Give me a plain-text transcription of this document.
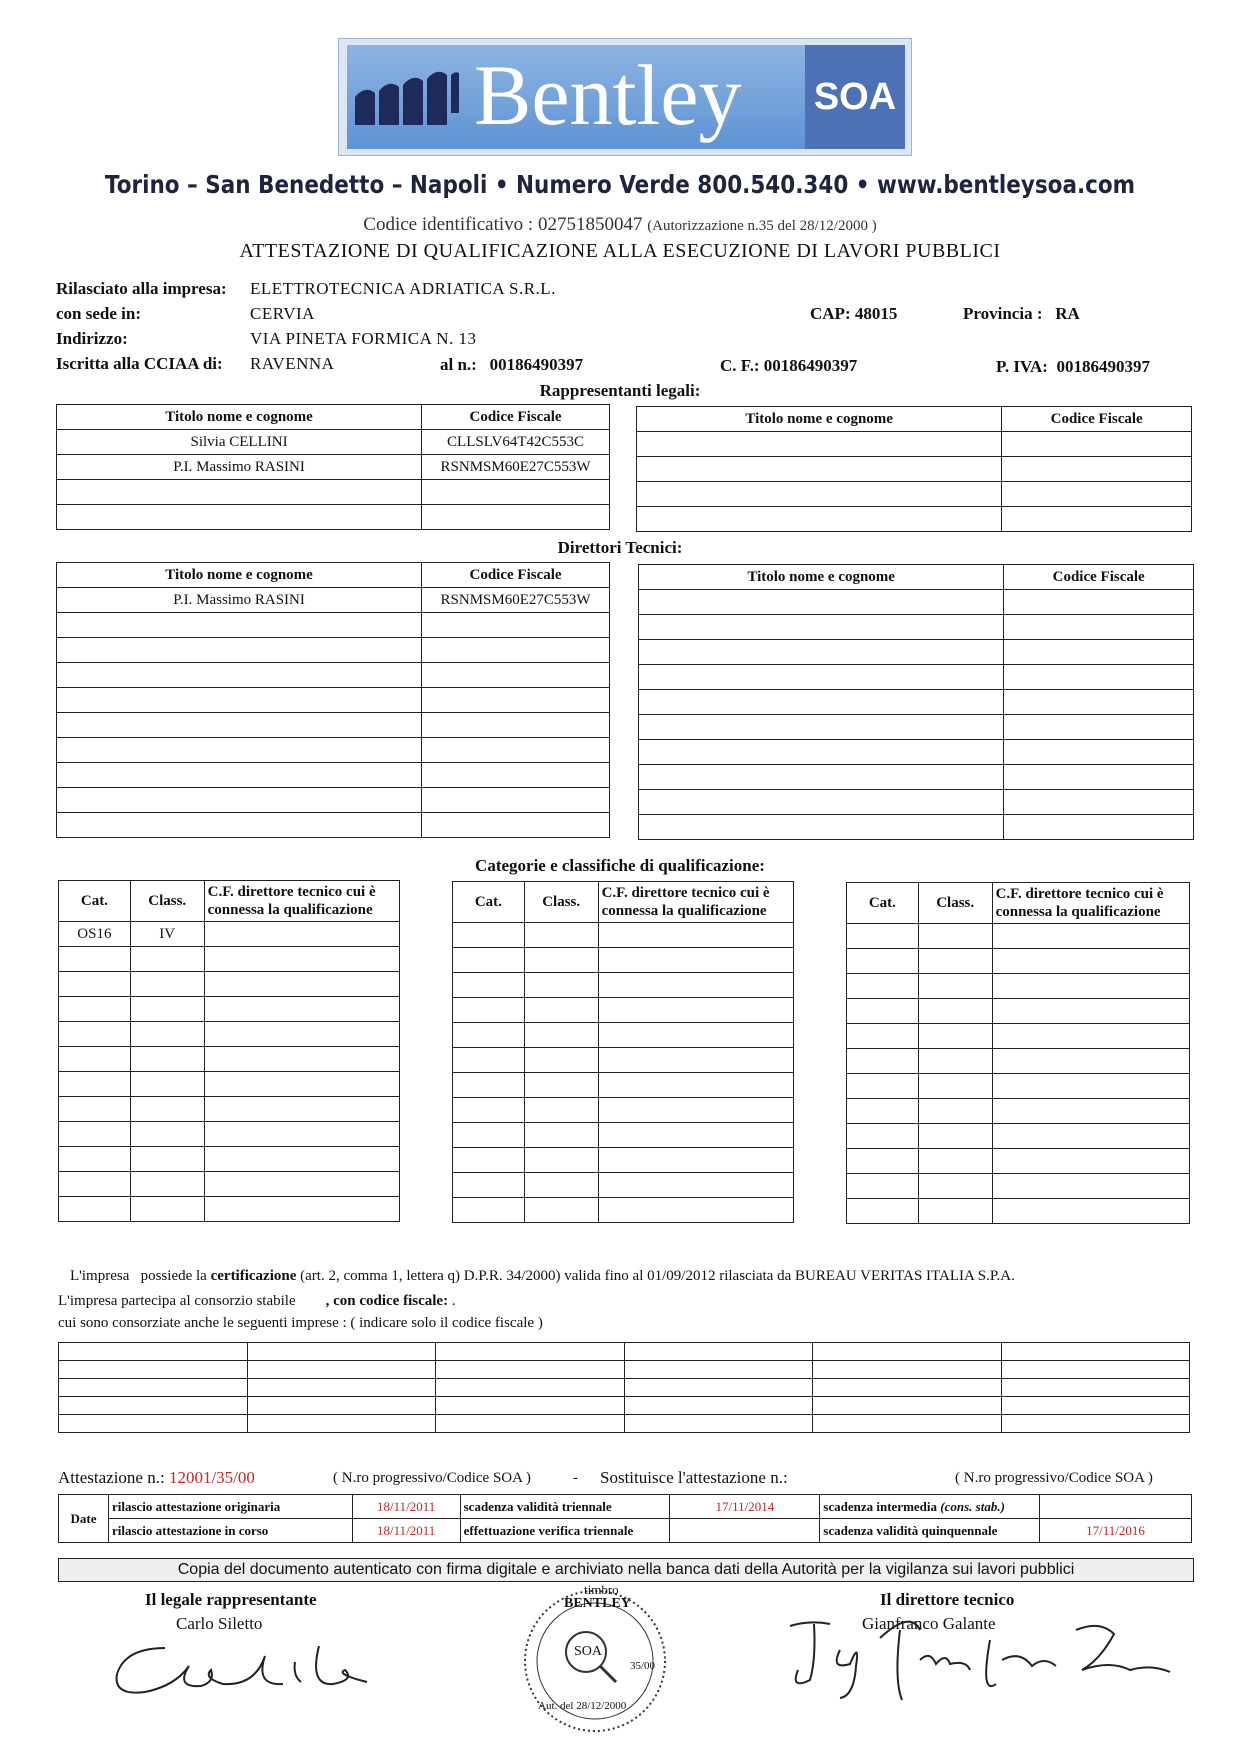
Bentley SOA
Torino – San Benedetto – Napoli • Numero Verde 800.540.340 • www.bentleysoa.com
Codice identificativo : 02751850047 (Autorizzazione n.35 del 28/12/2000 )
ATTESTAZIONE DI QUALIFICAZIONE ALLA ESECUZIONE DI LAVORI PUBBLICI
Rilasciato alla impresa: ELETTROTECNICA ADRIATICA S.R.L.
con sede in:	CERVIA	CAP: 48015	Provincia : RA
Indirizzo:	VIA PINETA FORMICA N. 13
Iscritta alla CCIAA di: RAVENNA	al n.: 00186490397	C. F.: 00186490397	P. IVA: 00186490397
Rappresentanti legali:
Titolo nome e cognome	Codice Fiscale
Silvia CELLINI	CLLSLV64T42C553C
P.I. Massimo RASINI	RSNMSM60E27C553W

Titolo nome e cognome	Codice Fiscale

Direttori Tecnici:
Titolo nome e cognome	Codice Fiscale
P.I. Massimo RASINI	RSNMSM60E27C553W

Titolo nome e cognome	Codice Fiscale

Categorie e classifiche di qualificazione:
Cat.	Class.	C.F. direttore tecnico cui è connessa la qualificazione
OS16	IV	

Cat.	Class.	C.F. direttore tecnico cui è connessa la qualificazione

			Cat.	Class.	C.F. direttore tecnico cui è connessa la qualificazione

L'impresa   possiede la certificazione (art. 2, comma 1, lettera q) D.P.R. 34/2000) valida fino al 01/09/2012 rilasciata da BUREAU VERITAS ITALIA S.P.A.
L'impresa partecipa al consorzio stabile , con codice fiscale: .
cui sono consorziate anche le seguenti imprese : ( indicare solo il codice fiscale )

Attestazione n.: 12001/35/00	( N.ro progressivo/Codice SOA )	- Sostituisce l'attestazione n.:	( N.ro progressivo/Codice SOA )
Date	rilascio attestazione originaria	18/11/2011	scadenza validità triennale	17/11/2014	scadenza intermedia (cons. stab.)	
	rilascio attestazione in corso	18/11/2011	effettuazione verifica triennale		scadenza validità quinquennale	17/11/2016
Copia del documento autenticato con firma digitale e archiviato nella banca dati della Autorità per la vigilanza sui lavori pubblici
Il legale rappresentante
Carlo Siletto
BENTLEY
SOA
Aut. del 28/12/2000
35/00
timbro
Il direttore tecnico
Gianfranco Galante
